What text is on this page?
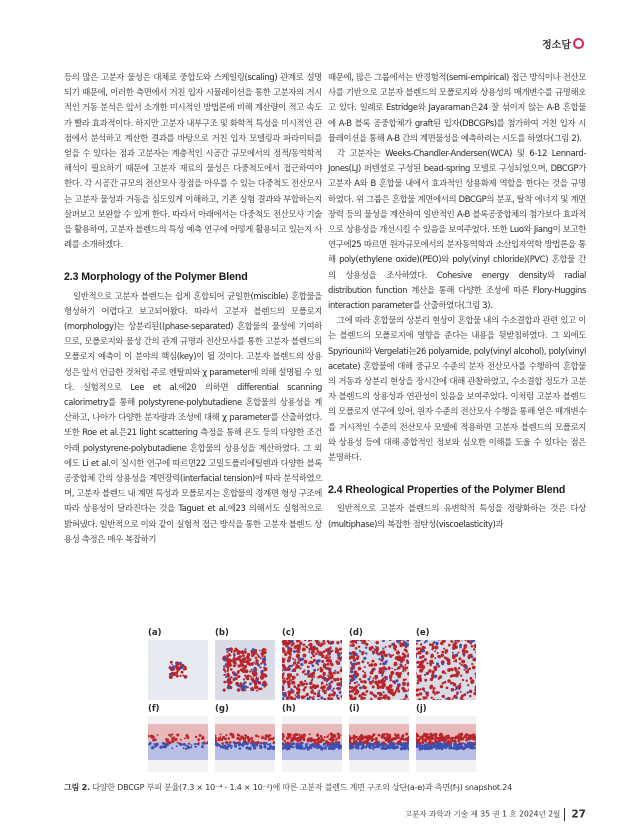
정소담

등의 많은 고분자 물성은 대체로 중합도와 스케일링(scaling) 관계로 설명되기 때문에, 이러한 측면에서 거친 입자 시뮬레이션을 통한 고분자의 거시적인 거동 분석은 앞서 소개한 미시적인 방법론에 비해 계산량이 적고 속도가 빨라 효과적이다. 하지만 고분자 내부구조 및 화학적 특성을 미시적인 관점에서 분석하고 계산한 결과를 바탕으로 거친 입자 모델링과 파라미터를 얻을 수 있다는 점과 고분자는 계층적인 시공간 규모에서의 정적/동역학적 해석이 필요하기 때문에 고분자 재료의 물성은 다중척도에서 접근하여야 한다. 각 시공간 규모의 전산모사 장점을 아우를 수 있는 다중척도 전산모사는 고분자 물성과 거동을 심도있게 이해하고, 기존 실험 결과와 부합하는지 살펴보고 보완할 수 있게 한다. 따라서 아래에서는 다중척도 전산모사 기술을 활용하여, 고분자 블렌드의 특성 예측 연구에 어떻게 활용되고 있는지 사례를 소개하겠다.

2.3 Morphology of the Polymer Blend

일반적으로 고분자 블렌드는 쉽게 혼합되어 균일한(miscible) 혼합물을 형성하기 어렵다고 보고되어왔다. 따라서 고분자 블렌드의 모폴로지(morphology)는 상분리된((phase-separated) 혼합물의 물성에 기여하므로, 모폴로지와 물성 간의 관계 규명과 전산모사를 통한 고분자 블렌드의 모폴로지 예측이 이 분야의 핵심(key)이 될 것이다. 고분자 블렌드의 상용성은 앞서 언급한 것처럼 주로 엔탈피와 χ parameter에 의해 설명될 수 있다. 실험적으로 Lee et al.에20 의하면 differential scanning calorimetry를 통해 polystyrene-polybutadiene 혼합물의 상용성을 계산하고, 나아가 다양한 분자량과 조성에 대해 χ parameter를 산출하였다. 또한 Roe et al.은21 light scattering 측정을 통해 온도 등의 다양한 조건 아래 polystyrene-polybutadiene 혼합물의 상용성을 계산하였다. 그 외에도 Li et al.이 실시한 연구에 따르면22 고밀도폴리에틸렌과 다양한 블록공중합체 간의 상용성을 계면장력(interfacial tension)에 따라 분석하였으며, 고분자 블렌드 내 계면 특성과 모폴로지는 혼합물의 경계면 형성 구조에 따라 상용성이 달라진다는 것을 Taguet et al.에23 의해서도 실험적으로 밝혀냈다. 일반적으로 이와 같이 실험적 접근 방식을 통한 고분자 블렌드 상용성 측정은 매우 복잡하기

때문에, 많은 그룹에서는 반경험적(semi-empirical) 접근 방식이나 전산모사를 기반으로 고분자 블렌드의 모폴로지와 상용성의 매개변수를 규명해오고 있다. 일례로 Estridge와 Jayaraman은24 잘 섞이지 않는 A-B 혼합물에 A-B 블록 공중합체가 graft된 입자(DBCGPs)를 첨가하여 거친 입자 시뮬레이션을 통해 A-B 간의 계면물성을 예측하려는 시도를 하였다(그림 2).

각 고분자는 Weeks-Chandler-Andersen(WCA) 및 6-12 Lennard-Jones(LJ) 퍼텐셜로 구성된 bead-spring 모델로 구성되었으며, DBCGP가 고분자 A와 B 혼합물 내에서 효과적인 상용화제 역할을 한다는 것을 규명하였다. 위 그룹은 혼합물 계면에서의 DBCGP의 분포, 탈착 에너지 및 계면 장력 등의 물성을 계산하여 일반적인 A-B 블록공중합체의 첨가보다 효과적으로 상용성을 개선시킬 수 있음을 보여주었다. 또한 Luo와 Jiang이 보고한 연구에25 따르면 원자규모에서의 분자동역학과 소산입자역학 방법론을 통해 poly(ethylene oxide)(PEO)와 poly(vinyl chloride)(PVC) 혼합물 간의 상용성을 조사하였다. Cohesive energy density와 radial distribution function 계산을 통해 다양한 조성에 따른 Flory-Huggins interaction parameter를 산출하였다(그림 3).

그에 따라 혼합물의 상분리 현상이 혼합물 내의 수소결합과 관련 있고 이는 블렌드의 모폴로지에 영향을 준다는 내용을 뒷받침하였다. 그 외에도 Spyriouni와 Vergelati는26 polyamide, poly(vinyl alcohol), poly(vinyl acetate) 혼합물에 대해 중규모 수준의 분자 전산모사를 수행하여 혼합물의 거동과 상분리 현상을 장시간에 대해 관찰하였고, 수소결합 정도가 고분자 블렌드의 상용성과 연관성이 있음을 보여주었다. 이처럼 고분자 블렌드의 모폴로지 연구에 있어, 원자 수준의 전산모사 수행을 통해 얻은 매개변수를 거시적인 수준의 전산모사 모델에 적용하면 고분자 블렌드의 모폴로지와 상용성 등에 대해 종합적인 정보와 심오한 이해를 도울 수 있다는 점은 분명하다.

2.4 Rheological Properties of the Polymer Blend

일반적으로 고분자 블렌드의 유변학적 특성을 정량화하는 것은 다상(multiphase)의 복잡한 점탄성(viscoelasticity)과

(a)	(b)	(c)	(d)	(e)
(f)	(g)	(h)	(i)	(j)
그림 2. 다양한 DBCGP 부피 분율(7.3 × 10⁻⁴ - 1.4 × 10⁻²)에 따른 고분자 블렌드 계면 구조의 상단(a-e)과 측면(f-j) snapshot.24
고분자 과학과 기술 제 35 권 1 호 2024년 2월 27
